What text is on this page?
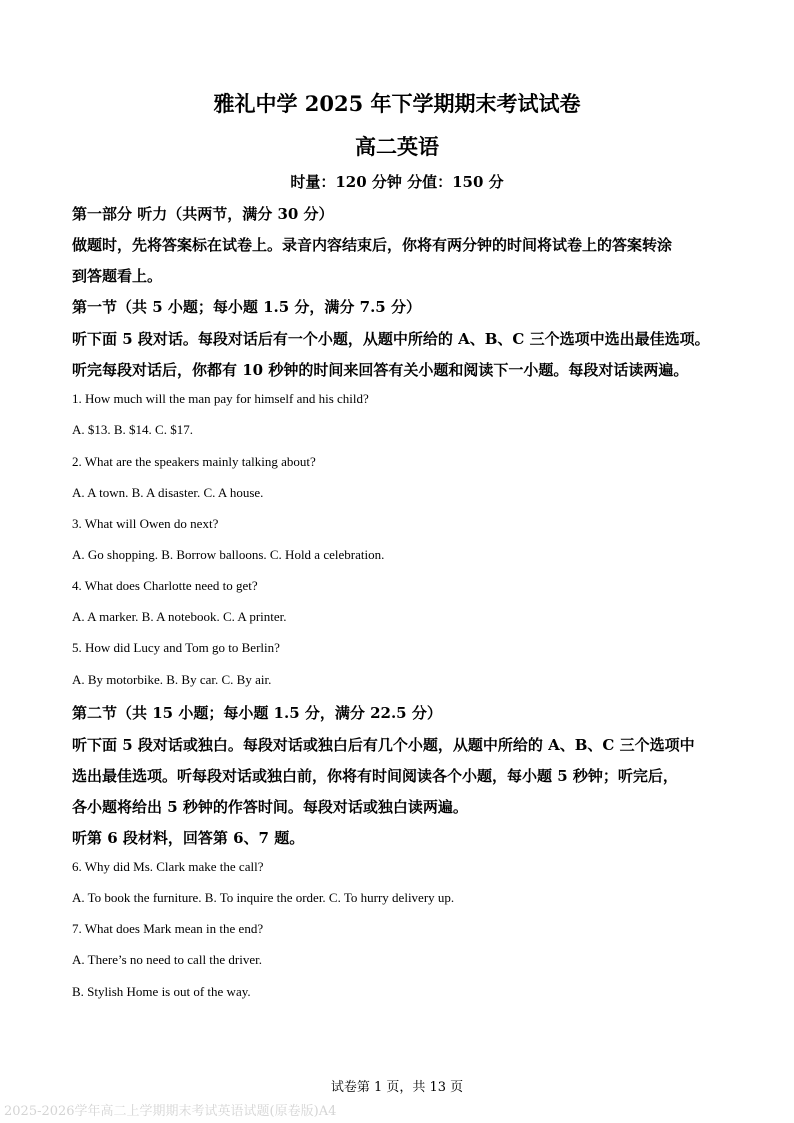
雅礼中学 2025 年下学期期末考试试卷
高二英语
时量：120 分钟 分值：150 分
第一部分 听力（共两节，满分 30 分）
做题时，先将答案标在试卷上。录音内容结束后，你将有两分钟的时间将试卷上的答案转涂
到答题看上。
第一节（共 5 小题；每小题 1.5 分，满分 7.5 分）
听下面 5 段对话。每段对话后有一个小题，从题中所给的 A、B、C 三个选项中选出最佳选项。
听完每段对话后，你都有 10 秒钟的时间来回答有关小题和阅读下一小题。每段对话读两遍。
1. How much will the man pay for himself and his child?
A. $13. B. $14. C. $17.
2. What are the speakers mainly talking about?
A. A town. B. A disaster. C. A house.
3. What will Owen do next?
A. Go shopping. B. Borrow balloons. C. Hold a celebration.
4. What does Charlotte need to get?
A. A marker. B. A notebook. C. A printer.
5. How did Lucy and Tom go to Berlin?
A. By motorbike. B. By car. C. By air.
第二节（共 15 小题；每小题 1.5 分，满分 22.5 分）
听下面 5 段对话或独白。每段对话或独白后有几个小题，从题中所给的 A、B、C 三个选项中
选出最佳选项。听每段对话或独白前，你将有时间阅读各个小题，每小题 5 秒钟；听完后，
各小题将给出 5 秒钟的作答时间。每段对话或独白读两遍。
听第 6 段材料，回答第 6、7 题。
6. Why did Ms. Clark make the call?
A. To book the furniture. B. To inquire the order. C. To hurry delivery up.
7. What does Mark mean in the end?
A. There’s no need to call the driver.
B. Stylish Home is out of the way.
试卷第 1 页，共 13 页
2025-2026学年高二上学期期末考试英语试题(原卷版)A4
